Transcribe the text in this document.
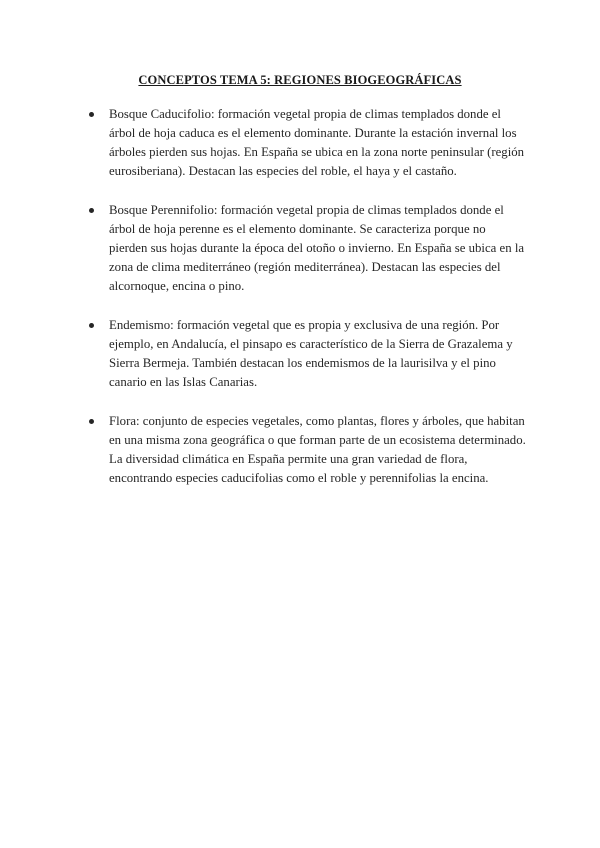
CONCEPTOS TEMA 5: REGIONES BIOGEOGRÁFICAS
Bosque Caducifolio: formación vegetal propia de climas templados donde el árbol de hoja caduca es el elemento dominante. Durante la estación invernal los árboles pierden sus hojas. En España se ubica en la zona norte peninsular (región eurosiberiana). Destacan las especies del roble, el haya y el castaño.
Bosque Perennifolio: formación vegetal propia de climas templados donde el árbol de hoja perenne es el elemento dominante. Se caracteriza porque no pierden sus hojas durante la época del otoño o invierno. En España se ubica en la zona de clima mediterráneo (región mediterránea). Destacan las especies del alcornoque, encina o pino.
Endemismo: formación vegetal que es propia y exclusiva de una región. Por ejemplo, en Andalucía, el pinsapo es característico de la Sierra de Grazalema y Sierra Bermeja. También destacan los endemismos de la laurisilva y el pino canario en las Islas Canarias.
Flora: conjunto de especies vegetales, como plantas, flores y árboles, que habitan en una misma zona geográfica o que forman parte de un ecosistema determinado. La diversidad climática en España permite una gran variedad de flora, encontrando especies caducifolias como el roble y perennifolias la encina.
